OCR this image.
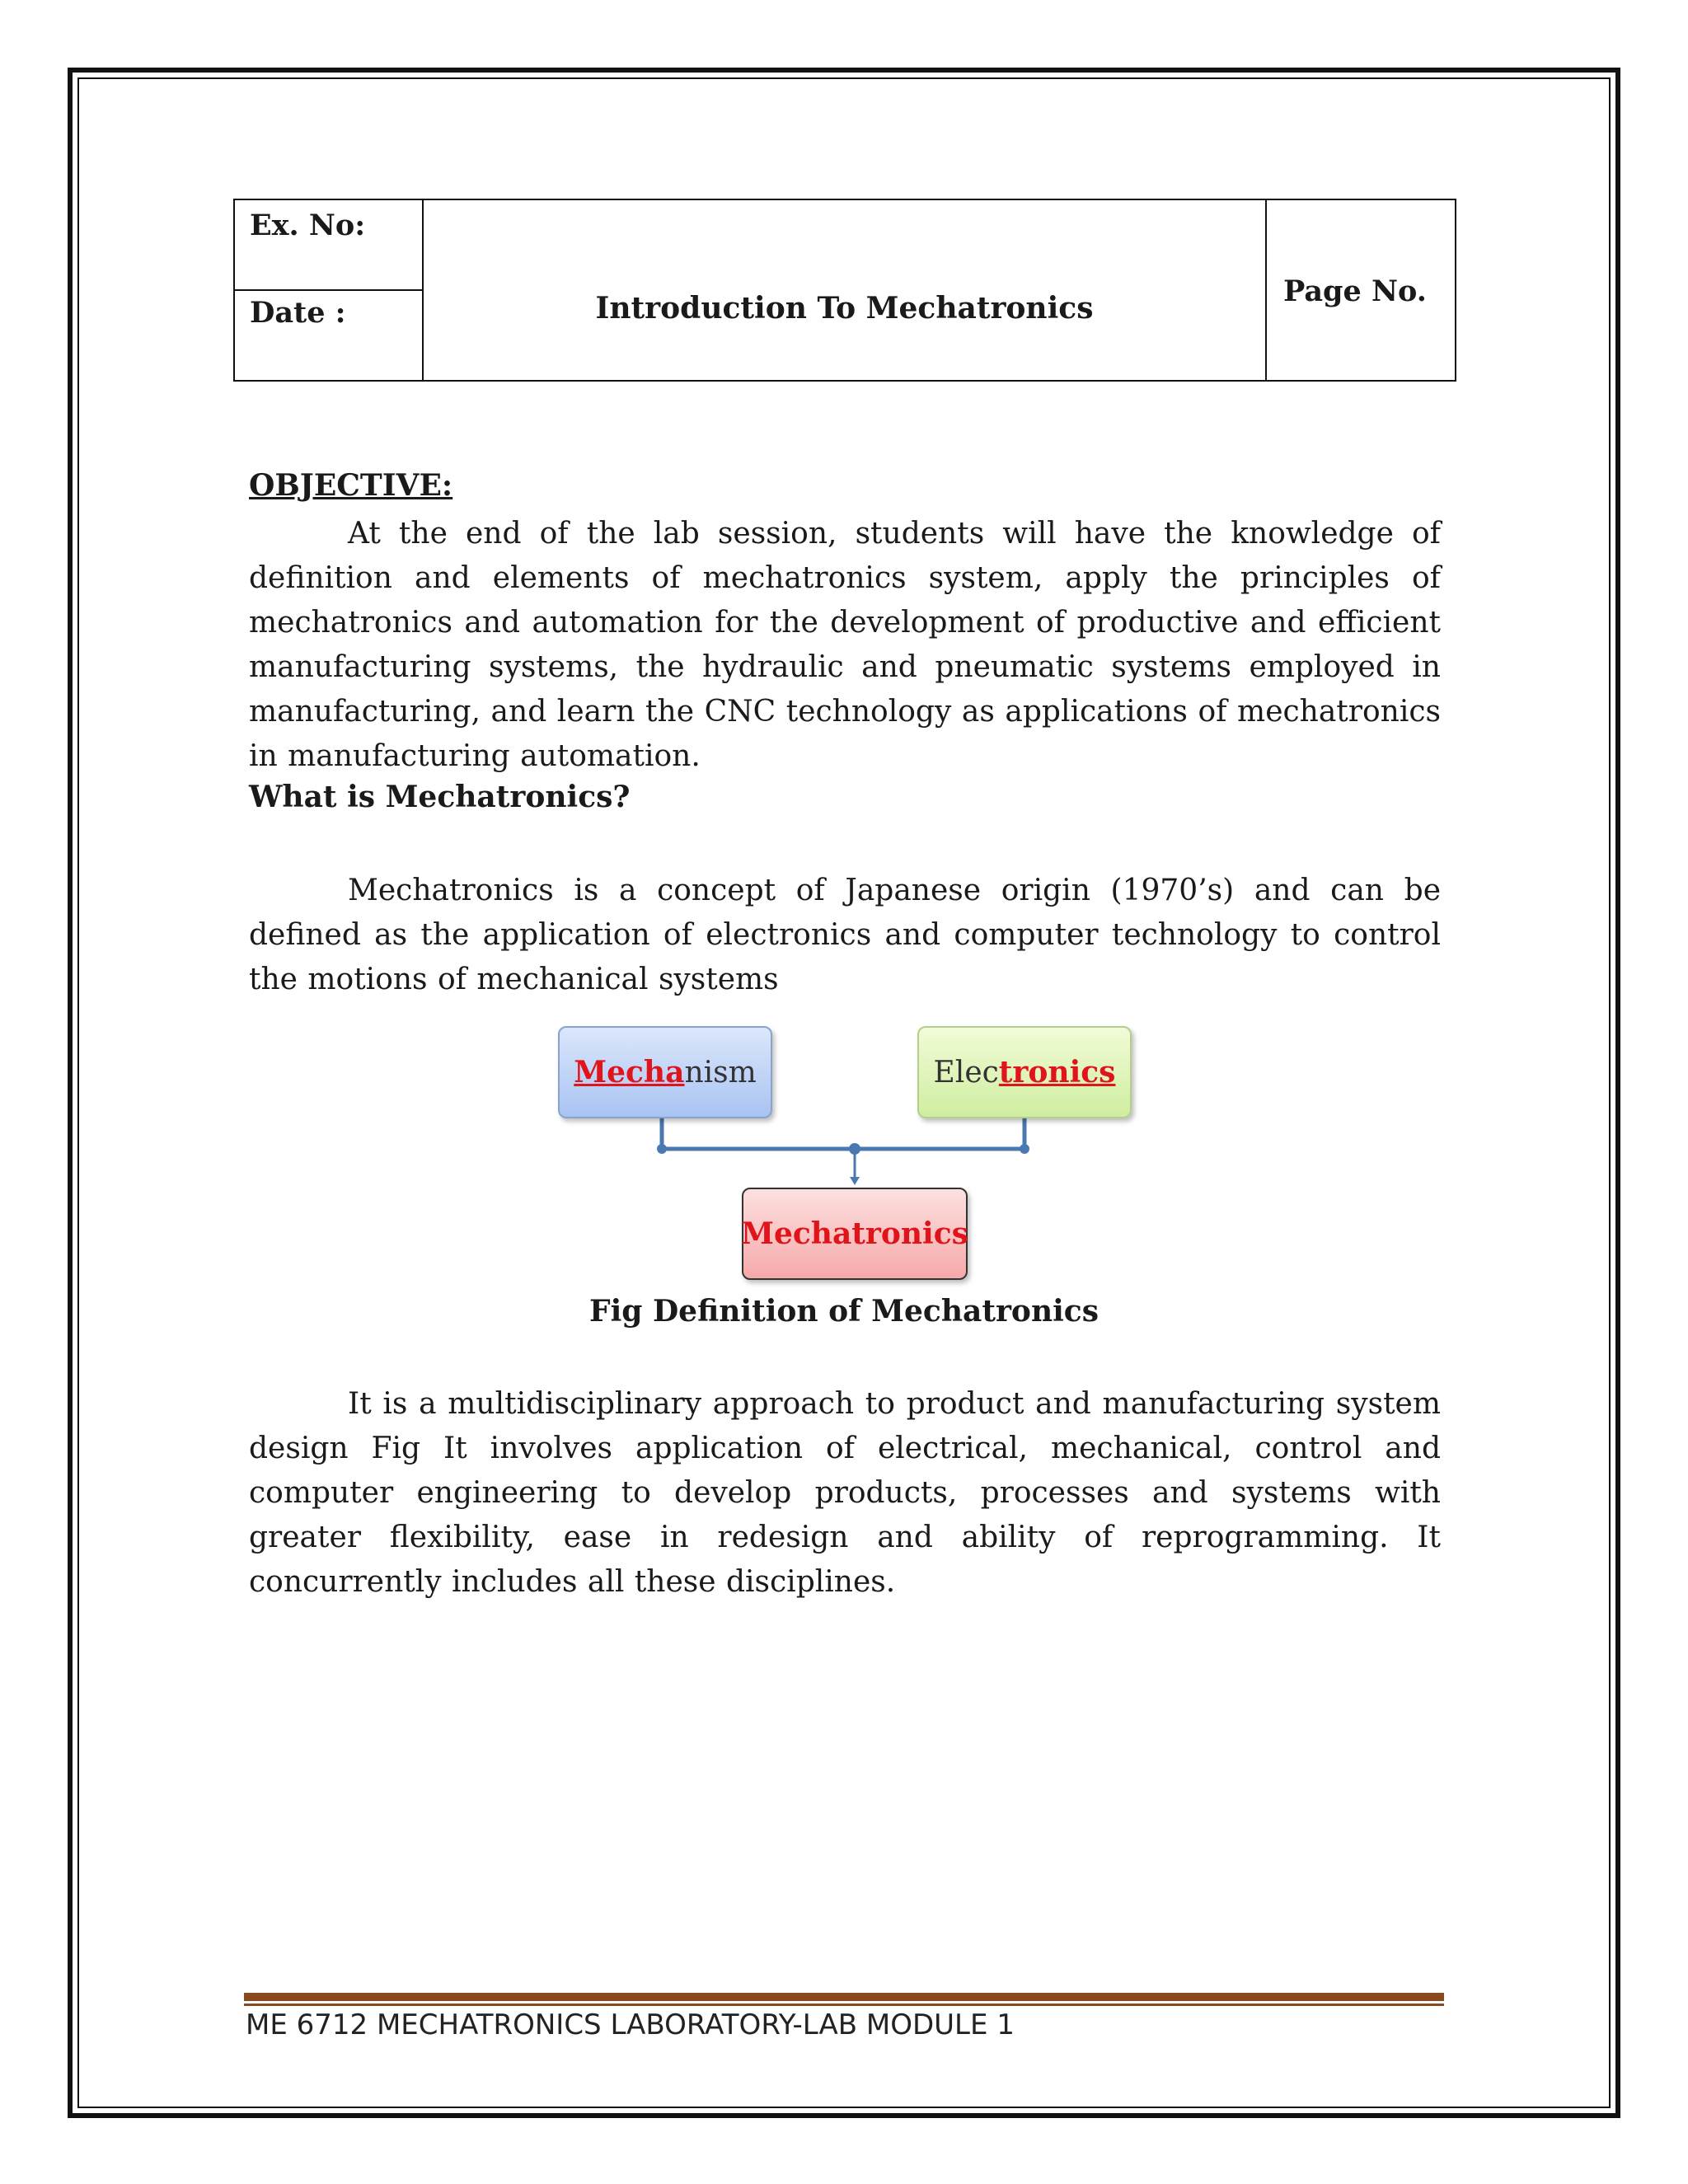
Ex. No:
Date :	Introduction To Mechatronics	Page No.
OBJECTIVE:

At the end of the lab session, students will have the knowledge of definition and elements of mechatronics system, apply the principles of mechatronics and automation for the development of productive and efficient manufacturing systems, the hydraulic and pneumatic systems employed in manufacturing, and learn the CNC technology as applications of mechatronics in manufacturing automation.

What is Mechatronics?

Mechatronics is a concept of Japanese origin (1970’s) and can be defined as the application of electronics and computer technology to control the motions of mechanical systems

Mecha nism	Elec tronics
Mechatronics
Fig Definition of Mechatronics

It is a multidisciplinary approach to product and manufacturing system design Fig It involves application of electrical, mechanical, control and computer engineering to develop products, processes and systems with greater flexibility, ease in redesign and ability of reprogramming. It concurrently includes all these disciplines.

ME 6712 MECHATRONICS LABORATORY-LAB MODULE 1
